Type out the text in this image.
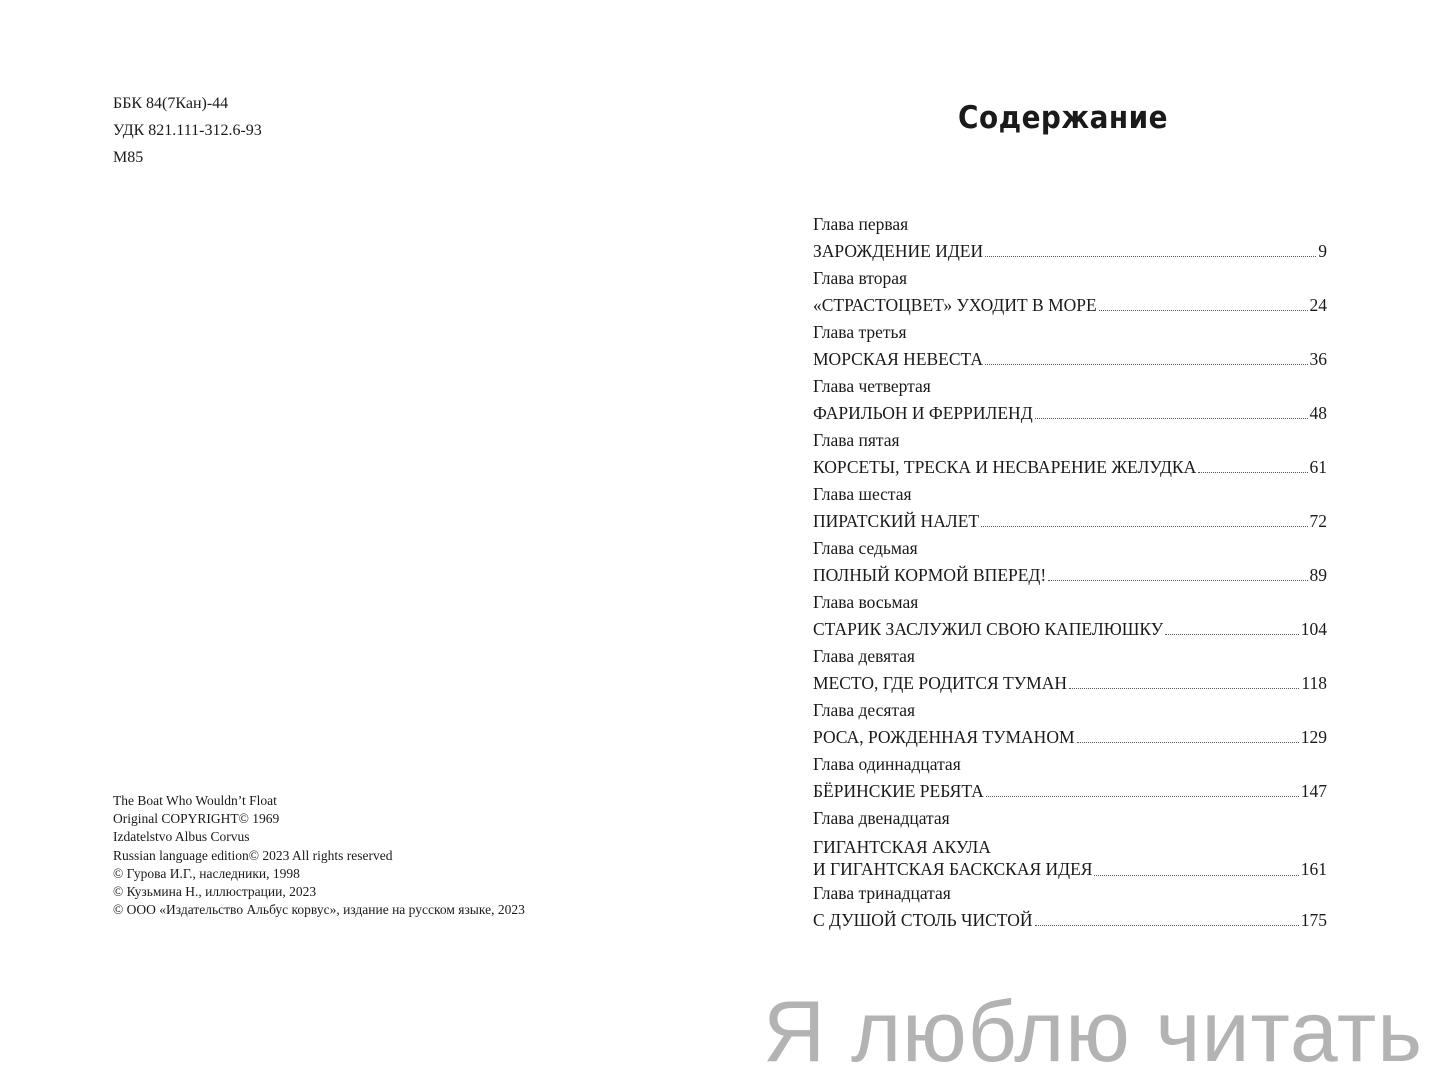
ББК 84(7Кан)-44
УДК 821.111-312.6-93
М85
The Boat Who Wouldn’t Float
Original COPYRIGHT© 1969
Izdatelstvo Albus Corvus
Russian language edition© 2023 All rights reserved
© Гурова И.Г., наследники, 1998
© Кузьмина Н., иллюстрации, 2023
© ООО «Издательство Альбус корвус», издание на русском языке, 2023
Содержание
Глава первая
ЗАРОЖДЕНИЕ ИДЕИ	9
Глава вторая
«СТРАСТОЦВЕТ» УХОДИТ В МОРЕ	24
Глава третья
МОРСКАЯ НЕВЕСТА	36
Глава четвертая
ФАРИЛЬОН И ФЕРРИЛЕНД	48
Глава пятая
КОРСЕТЫ, ТРЕСКА И НЕСВАРЕНИЕ ЖЕЛУДКА	61
Глава шестая
ПИРАТСКИЙ НАЛЕТ	72
Глава седьмая
ПОЛНЫЙ КОРМОЙ ВПЕРЕД!	89
Глава восьмая
СТАРИК ЗАСЛУЖИЛ СВОЮ КАПЕЛЮШКУ	104
Глава девятая
МЕСТО, ГДЕ РОДИТСЯ ТУМАН	118
Глава десятая
РОСА, РОЖДЕННАЯ ТУМАНОМ	129
Глава одиннадцатая
БЁРИНСКИЕ РЕБЯТА	147
Глава двенадцатая
ГИГАНТСКАЯ АКУЛА
И ГИГАНТСКАЯ БАСКСКАЯ ИДЕЯ	161
Глава тринадцатая
С ДУШОЙ СТОЛЬ ЧИСТОЙ	175
Я люблю читать
